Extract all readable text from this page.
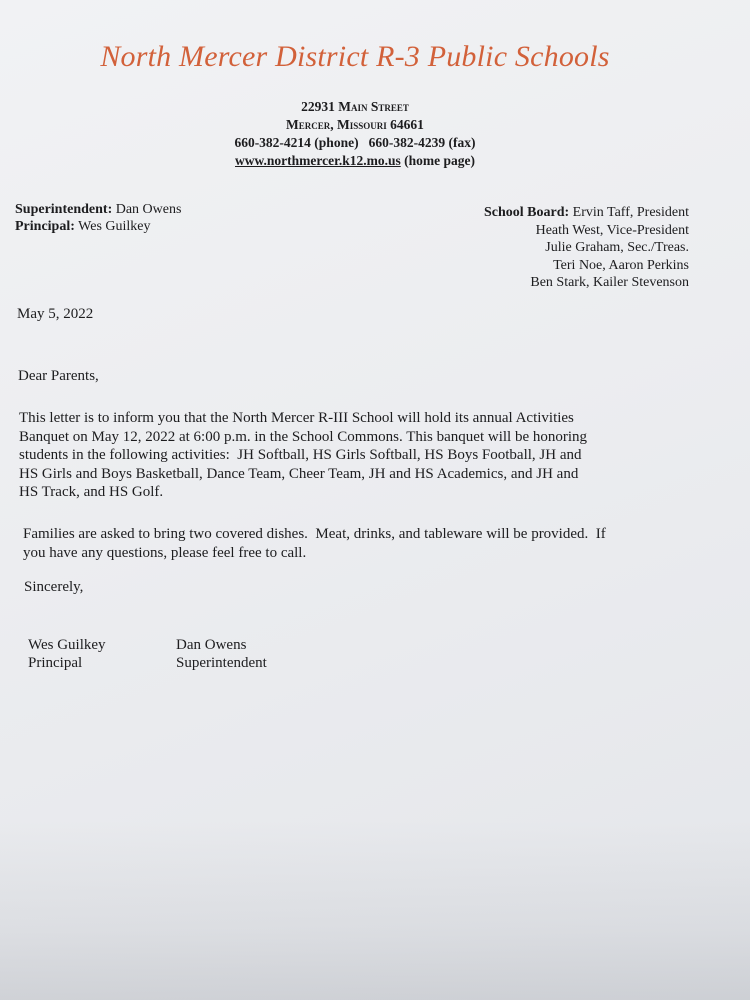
North Mercer District R-3 Public Schools
22931 Main Street
Mercer, Missouri 64661
660-382-4214 (phone)   660-382-4239 (fax)
www.northmercer.k12.mo.us (home page)
Superintendent: Dan Owens
Principal: Wes Guilkey
School Board: Ervin Taff, President
Heath West, Vice-President
Julie Graham, Sec./Treas.
Teri Noe, Aaron Perkins
Ben Stark, Kailer Stevenson
May 5, 2022
Dear Parents,
This letter is to inform you that the North Mercer R-III School will hold its annual Activities
Banquet on May 12, 2022 at 6:00 p.m. in the School Commons. This banquet will be honoring
students in the following activities:  JH Softball, HS Girls Softball, HS Boys Football, JH and
HS Girls and Boys Basketball, Dance Team, Cheer Team, JH and HS Academics, and JH and
HS Track, and HS Golf.
Families are asked to bring two covered dishes.  Meat, drinks, and tableware will be provided.  If
you have any questions, please feel free to call.
Sincerely,
Wes Guilkey
Principal
Dan Owens
Superintendent
